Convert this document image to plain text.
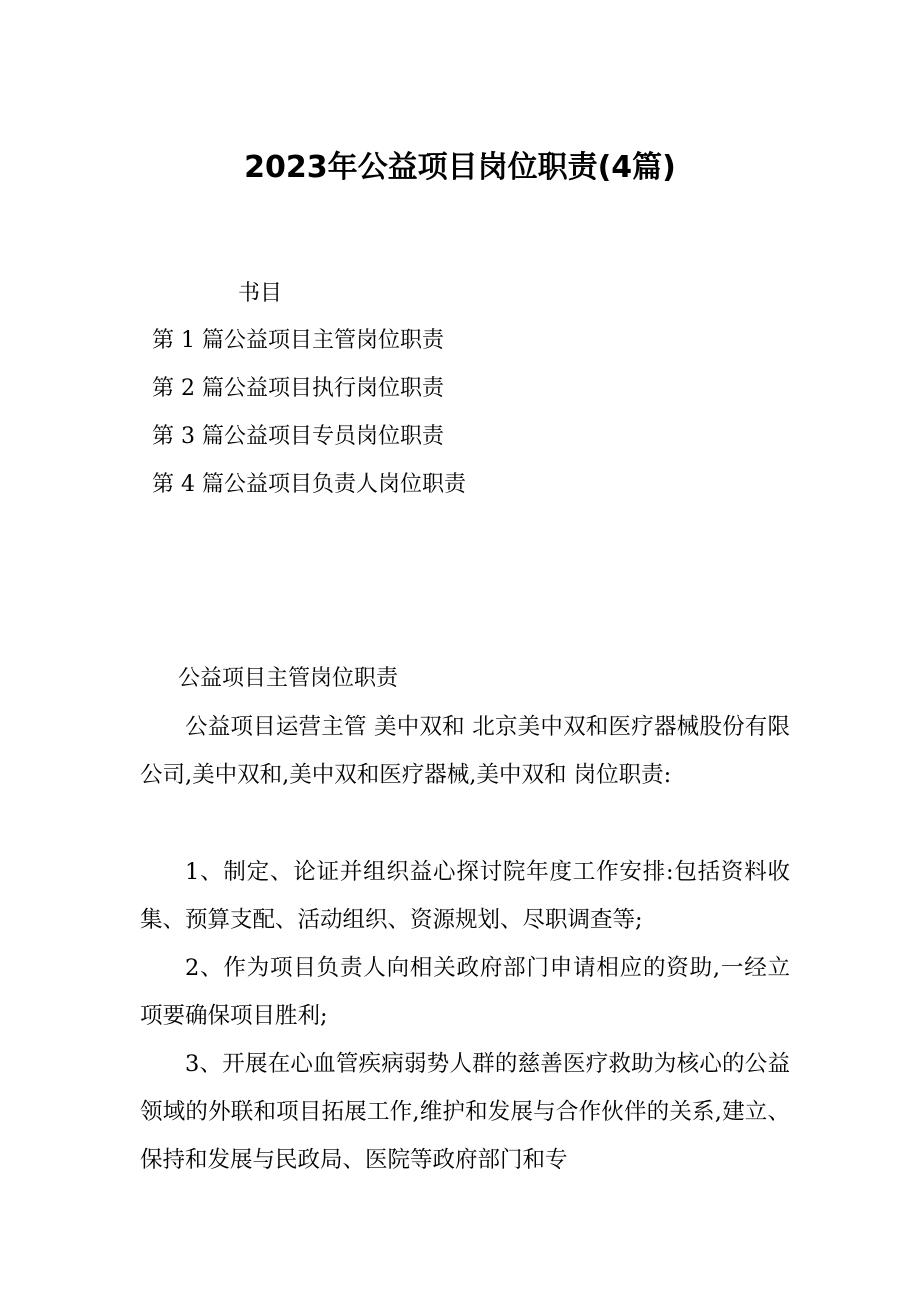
2023年公益项目岗位职责(4篇)
书目
第 1 篇公益项目主管岗位职责
第 2 篇公益项目执行岗位职责
第 3 篇公益项目专员岗位职责
第 4 篇公益项目负责人岗位职责
公益项目主管岗位职责

公益项目运营主管 美中双和 北京美中双和医疗器械股份有限公司,美中双和,美中双和医疗器械,美中双和 岗位职责:

1、制定、论证并组织益心探讨院年度工作安排:包括资料收集、预算支配、活动组织、资源规划、尽职调查等;

2、作为项目负责人向相关政府部门申请相应的资助,一经立项要确保项目胜利;

3、开展在心血管疾病弱势人群的慈善医疗救助为核心的公益领域的外联和项目拓展工作,维护和发展与合作伙伴的关系,建立、保持和发展与民政局、医院等政府部门和专
